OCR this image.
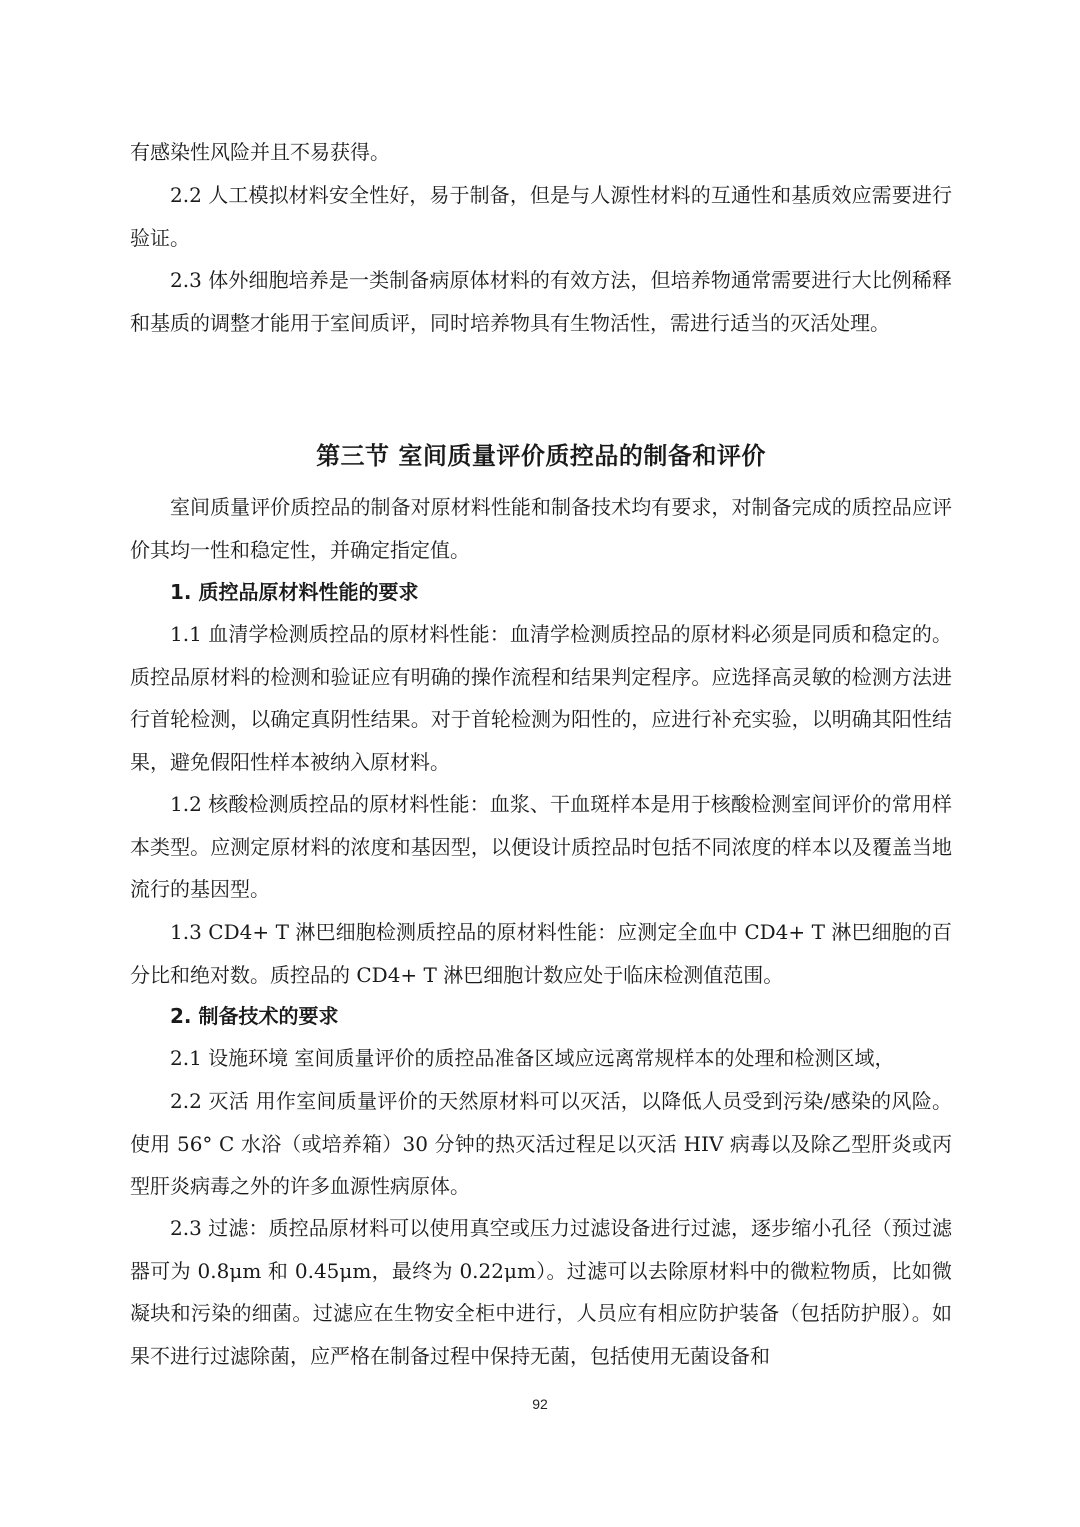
有感染性风险并且不易获得。

2.2 人工模拟材料安全性好，易于制备，但是与人源性材料的互通性和基质效应需要进行验证。

2.3 体外细胞培养是一类制备病原体材料的有效方法，但培养物通常需要进行大比例稀释和基质的调整才能用于室间质评，同时培养物具有生物活性，需进行适当的灭活处理。

第三节 室间质量评价质控品的制备和评价

室间质量评价质控品的制备对原材料性能和制备技术均有要求，对制备完成的质控品应评价其均一性和稳定性，并确定指定值。

1. 质控品原材料性能的要求

1.1 血清学检测质控品的原材料性能：血清学检测质控品的原材料必须是同质和稳定的。质控品原材料的检测和验证应有明确的操作流程和结果判定程序。应选择高灵敏的检测方法进行首轮检测，以确定真阴性结果。对于首轮检测为阳性的，应进行补充实验，以明确其阳性结果，避免假阳性样本被纳入原材料。

1.2 核酸检测质控品的原材料性能：血浆、干血斑样本是用于核酸检测室间评价的常用样本类型。应测定原材料的浓度和基因型，以便设计质控品时包括不同浓度的样本以及覆盖当地流行的基因型。

1.3 CD4+ T 淋巴细胞检测质控品的原材料性能：应测定全血中 CD4+ T 淋巴细胞的百分比和绝对数。质控品的 CD4+ T 淋巴细胞计数应处于临床检测值范围。

2. 制备技术的要求

2.1 设施环境 室间质量评价的质控品准备区域应远离常规样本的处理和检测区域，

2.2 灭活 用作室间质量评价的天然原材料可以灭活，以降低人员受到污染/感染的风险。使用 56° C 水浴（或培养箱）30 分钟的热灭活过程足以灭活 HIV 病毒以及除乙型肝炎或丙型肝炎病毒之外的许多血源性病原体。

2.3 过滤：质控品原材料可以使用真空或压力过滤设备进行过滤，逐步缩小孔径（预过滤器可为 0.8μm 和 0.45μm，最终为 0.22μm）。过滤可以去除原材料中的微粒物质，比如微凝块和污染的细菌。过滤应在生物安全柜中进行，人员应有相应防护装备（包括防护服）。如果不进行过滤除菌，应严格在制备过程中保持无菌，包括使用无菌设备和

92
